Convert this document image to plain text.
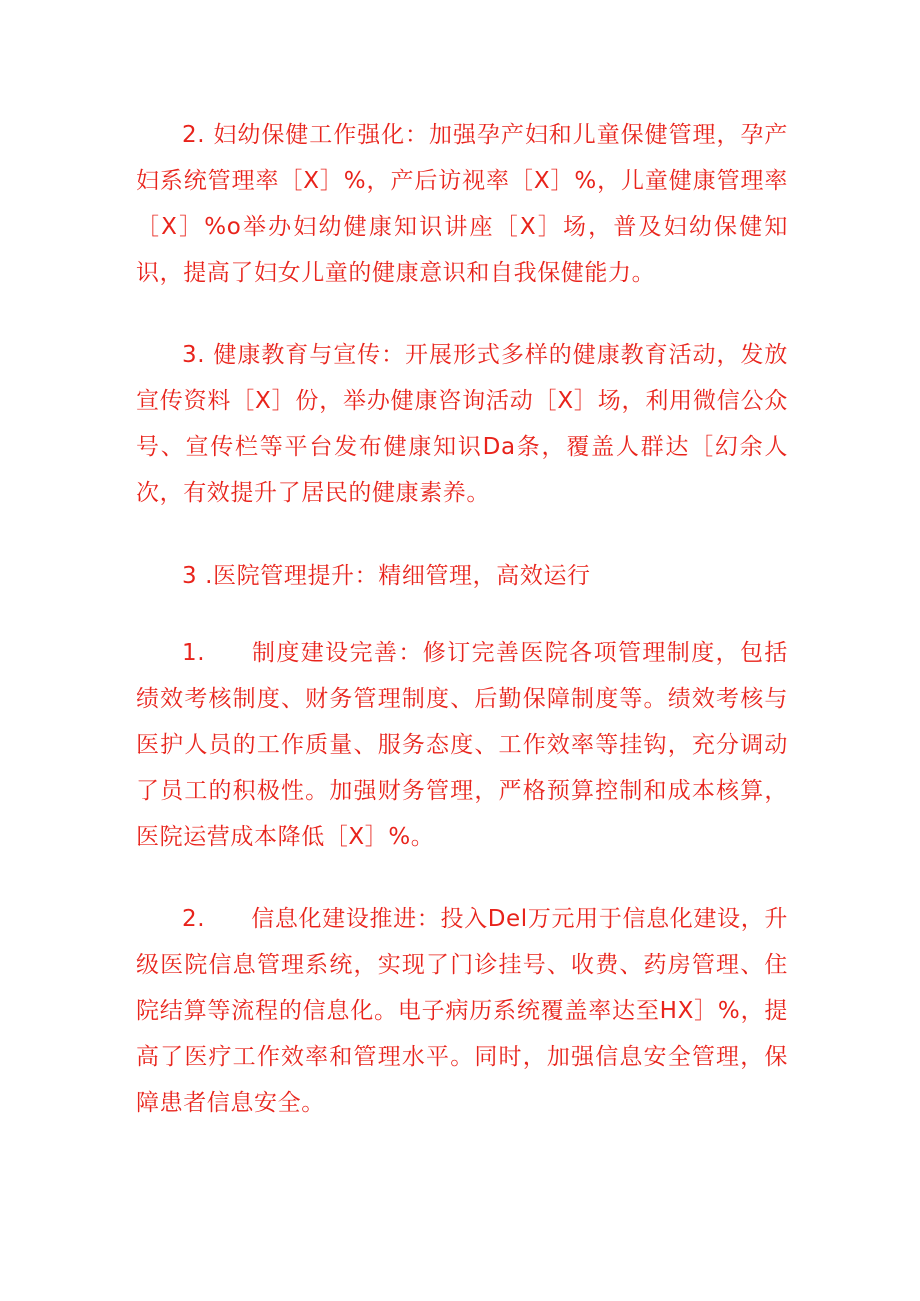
2. 妇幼保健工作强化：加强孕产妇和儿童保健管理，孕产妇系统管理率［X］%，产后访视率［X］%，儿童健康管理率［X］%o举办妇幼健康知识讲座［X］场，普及妇幼保健知识，提高了妇女儿童的健康意识和自我保健能力。

3. 健康教育与宣传：开展形式多样的健康教育活动，发放宣传资料［X］份，举办健康咨询活动［X］场，利用微信公众号、宣传栏等平台发布健康知识Da条，覆盖人群达［幻余人次，有效提升了居民的健康素养。

3 .医院管理提升：精细管理，高效运行

1. 制度建设完善：修订完善医院各项管理制度，包括绩效考核制度、财务管理制度、后勤保障制度等。绩效考核与医护人员的工作质量、服务态度、工作效率等挂钩，充分调动了员工的积极性。加强财务管理，严格预算控制和成本核算，医院运营成本降低［X］%。

2. 信息化建设推进：投入Del万元用于信息化建设，升级医院信息管理系统，实现了门诊挂号、收费、药房管理、住院结算等流程的信息化。电子病历系统覆盖率达至HX］%，提高了医疗工作效率和管理水平。同时，加强信息安全管理，保障患者信息安全。
